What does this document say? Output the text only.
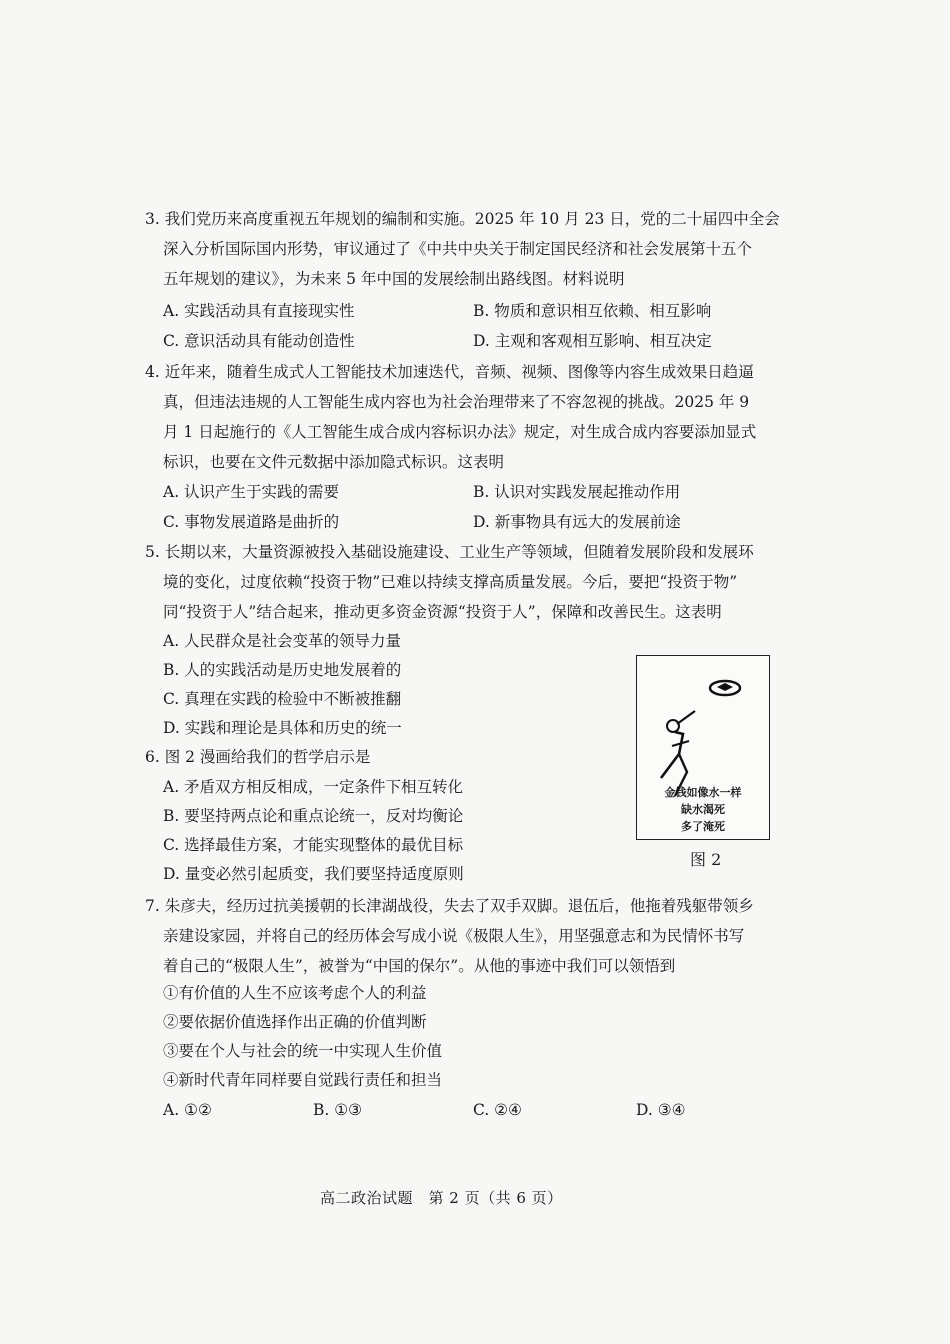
3. 我们党历来高度重视五年规划的编制和实施。2025 年 10 月 23 日，党的二十届四中全会
深入分析国际国内形势，审议通过了《中共中央关于制定国民经济和社会发展第十五个
五年规划的建议》，为未来 5 年中国的发展绘制出路线图。材料说明
A. 实践活动具有直接现实性	B. 物质和意识相互依赖、相互影响
C. 意识活动具有能动创造性	D. 主观和客观相互影响、相互决定
4. 近年来，随着生成式人工智能技术加速迭代，音频、视频、图像等内容生成效果日趋逼
真，但违法违规的人工智能生成内容也为社会治理带来了不容忽视的挑战。2025 年 9
月 1 日起施行的《人工智能生成合成内容标识办法》规定，对生成合成内容要添加显式
标识，也要在文件元数据中添加隐式标识。这表明
A. 认识产生于实践的需要	B. 认识对实践发展起推动作用
C. 事物发展道路是曲折的	D. 新事物具有远大的发展前途
5. 长期以来，大量资源被投入基础设施建设、工业生产等领域，但随着发展阶段和发展环
境的变化，过度依赖“投资于物”已难以持续支撑高质量发展。今后，要把“投资于物”
同“投资于人”结合起来，推动更多资金资源“投资于人”，保障和改善民生。这表明
A. 人民群众是社会变革的领导力量
B. 人的实践活动是历史地发展着的
C. 真理在实践的检验中不断被推翻
D. 实践和理论是具体和历史的统一
6. 图 2 漫画给我们的哲学启示是
A. 矛盾双方相反相成，一定条件下相互转化
B. 要坚持两点论和重点论统一，反对均衡论
C. 选择最佳方案，才能实现整体的最优目标
D. 量变必然引起质变，我们要坚持适度原则
金钱如像水一样
缺水渴死
多了淹死
图 2
7. 朱彦夫，经历过抗美援朝的长津湖战役，失去了双手双脚。退伍后，他拖着残躯带领乡
亲建设家园，并将自己的经历体会写成小说《极限人生》，用坚强意志和为民情怀书写
着自己的“极限人生”，被誉为“中国的保尔”。从他的事迹中我们可以领悟到
①有价值的人生不应该考虑个人的利益
②要依据价值选择作出正确的价值判断
③要在个人与社会的统一中实现人生价值
④新时代青年同样要自觉践行责任和担当
A. ①②	B. ①③	C. ②④	D. ③④
高二政治试题　第 2 页（共 6 页）
